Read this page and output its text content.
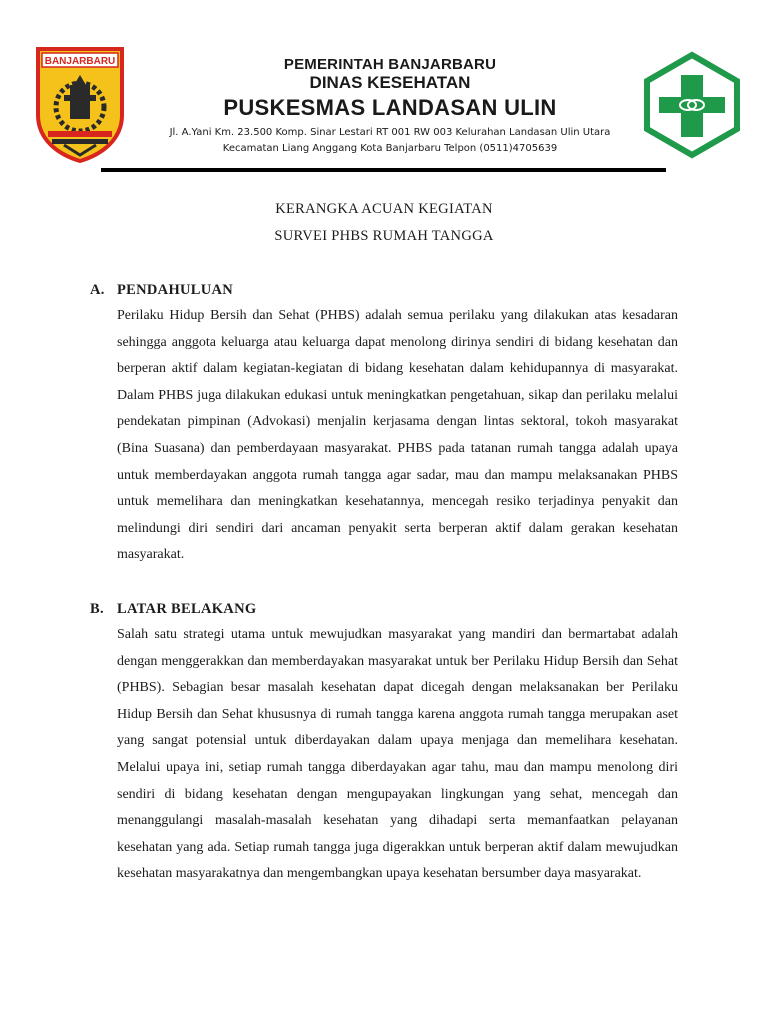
BANJARBARU	PEMERINTAH BANJARBARU
DINAS KESEHATAN
PUSKESMAS LANDASAN ULIN
Jl. A.Yani Km. 23.500 Komp. Sinar Lestari RT 001 RW 003 Kelurahan Landasan Ulin Utara
Kecamatan Liang Anggang Kota Banjarbaru Telpon (0511)4705639
KERANGKA ACUAN KEGIATAN
SURVEI PHBS RUMAH TANGGA
A. PENDAHULUAN
Perilaku Hidup Bersih dan Sehat (PHBS) adalah semua perilaku yang dilakukan atas kesadaran sehingga anggota keluarga atau keluarga dapat menolong dirinya sendiri di bidang kesehatan dan berperan aktif dalam kegiatan-kegiatan di bidang kesehatan dalam kehidupannya di masyarakat. Dalam PHBS juga dilakukan edukasi untuk meningkatkan pengetahuan, sikap dan perilaku melalui pendekatan pimpinan (Advokasi) menjalin kerjasama dengan lintas sektoral, tokoh masyarakat (Bina Suasana) dan pemberdayaan masyarakat. PHBS pada tatanan rumah tangga adalah upaya untuk memberdayakan anggota rumah tangga agar sadar, mau dan mampu melaksanakan PHBS untuk memelihara dan meningkatkan kesehatannya, mencegah resiko terjadinya penyakit dan melindungi diri sendiri dari ancaman penyakit serta berperan aktif dalam gerakan kesehatan masyarakat.
B. LATAR BELAKANG
Salah satu strategi utama untuk mewujudkan masyarakat yang mandiri dan bermartabat adalah dengan menggerakkan dan memberdayakan masyarakat untuk ber Perilaku Hidup Bersih dan Sehat (PHBS). Sebagian besar masalah kesehatan dapat dicegah dengan melaksanakan ber Perilaku Hidup Bersih dan Sehat khususnya di rumah tangga karena anggota rumah tangga merupakan aset yang sangat potensial untuk diberdayakan dalam upaya menjaga dan memelihara kesehatan. Melalui upaya ini, setiap rumah tangga diberdayakan agar tahu, mau dan mampu menolong diri sendiri di bidang kesehatan dengan mengupayakan lingkungan yang sehat, mencegah dan menanggulangi masalah-masalah kesehatan yang dihadapi serta memanfaatkan pelayanan kesehatan yang ada. Setiap rumah tangga juga digerakkan untuk berperan aktif dalam mewujudkan kesehatan masyarakatnya dan mengembangkan upaya kesehatan bersumber daya masyarakat.
